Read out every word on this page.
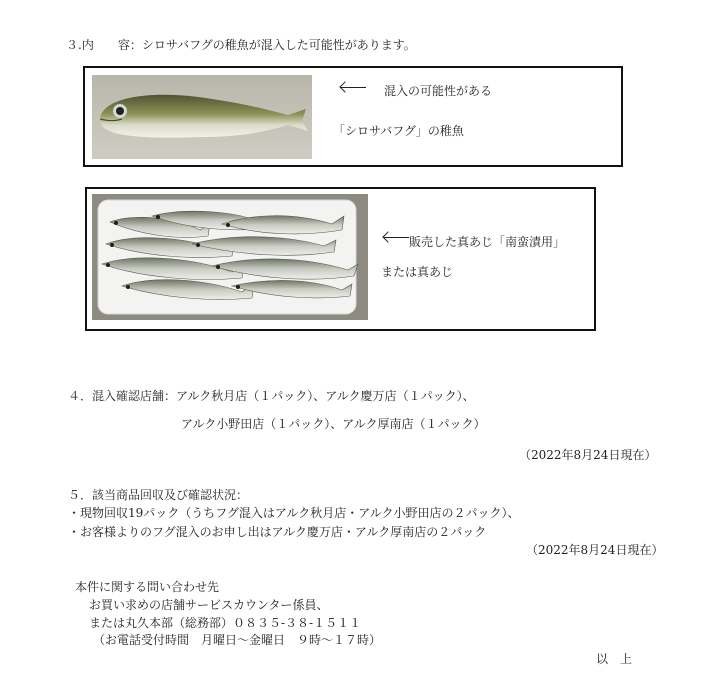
３.内　　容：シロサバフグの稚魚が混入した可能性があります。
混入の可能性がある
「シロサバフグ」の稚魚
販売した真あじ「南蛮漬用」
または真あじ
４．混入確認店舗：アルク秋月店（１パック）、アルク慶万店（１パック）、
アルク小野田店（１パック）、アルク厚南店（１パック）
（2022年8月24日現在）
５．該当商品回収及び確認状況：
・現物回収19パック（うちフグ混入はアルク秋月店・アルク小野田店の２パック）、
・お客様よりのフグ混入のお申し出はアルク慶万店・アルク厚南店の２パック
（2022年8月24日現在）
本件に関する問い合わせ先
お買い求めの店舗サービスカウンター係員、
または丸久本部（総務部）０８３５-３８-１５１１
（お電話受付時間　月曜日～金曜日　９時～１７時）
以　上
